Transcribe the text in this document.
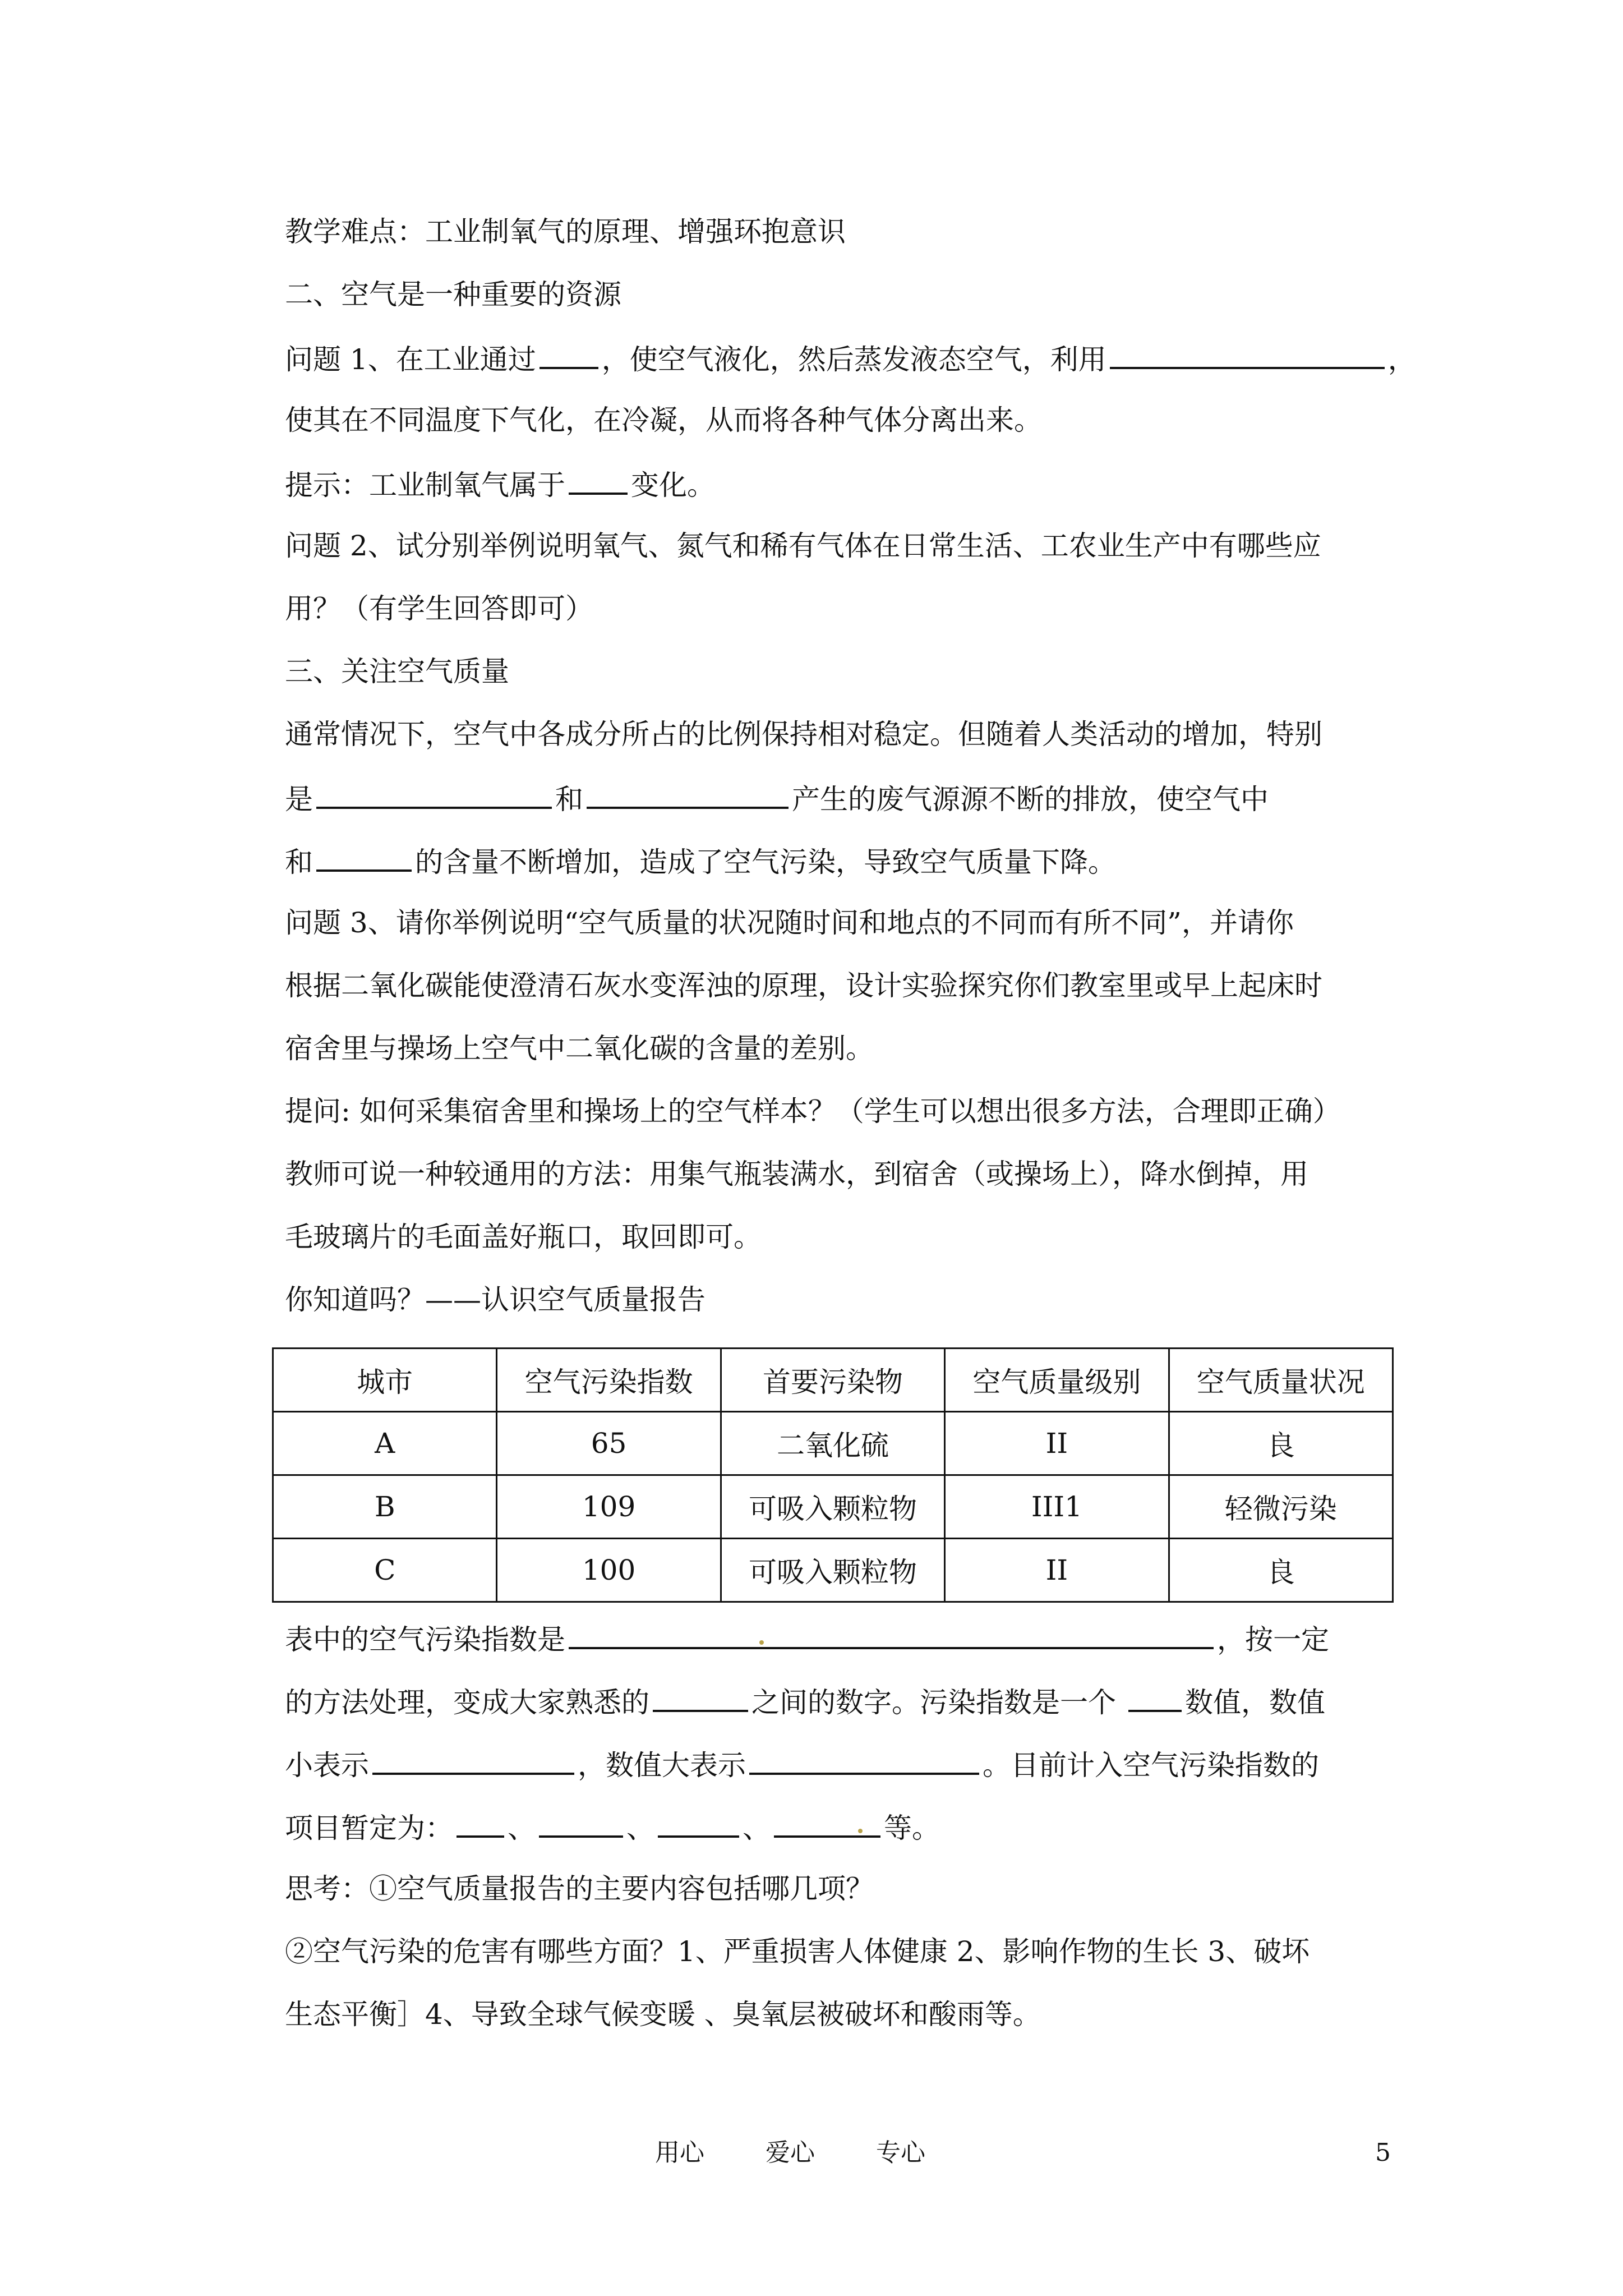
教学难点：工业制氧气的原理、增强环抱意识
二、空气是一种重要的资源
问题 1、在工业通过 ，使空气液化，然后蒸发液态空气，利用	，
使其在不同温度下气化，在冷凝，从而将各种气体分离出来。
提示：工业制氧气属于 变化。
问题 2、试分别举例说明氧气、氮气和稀有气体在日常生活、工农业生产中有哪些应
用？（有学生回答即可）
三、关注空气质量
通常情况下，空气中各成分所占的比例保持相对稳定。但随着人类活动的增加，特别
是	和	产生的废气源源不断的排放，使空气中
和	的含量不断增加，造成了空气污染，导致空气质量下降。
问题 3、请你举例说明“空气质量的状况随时间和地点的不同而有所不同”，并请你
根据二氧化碳能使澄清石灰水变浑浊的原理，设计实验探究你们教室里或早上起床时
宿舍里与操场上空气中二氧化碳的含量的差别。
提问: 如何采集宿舍里和操场上的空气样本？（学生可以想出很多方法，合理即正确）
教师可说一种较通用的方法：用集气瓶装满水，到宿舍（或操场上），降水倒掉，用
毛玻璃片的毛面盖好瓶口，取回即可。
你知道吗？——认识空气质量报告
城市	空气污染指数	首要污染物	空气质量级别	空气质量状况
A	65	二氧化硫	II	良
B	109	可吸入颗粒物	III1	轻微污染
C	100	可吸入颗粒物	II	良
表中的空气污染指数是	，按一定
的方法处理，变成大家熟悉的	之间的数字。污染指数是一个 数值，数值
小表示	，数值大表示	。目前计入空气污染指数的
项目暂定为： 、	、	、	等。
思考：①空气质量报告的主要内容包括哪几项？
②空气污染的危害有哪些方面？1、严重损害人体健康 2、影响作物的生长 3、破坏
生态平衡］4、导致全球气候变暖 、臭氧层被破坏和酸雨等。
用心 爱心 专心	5
